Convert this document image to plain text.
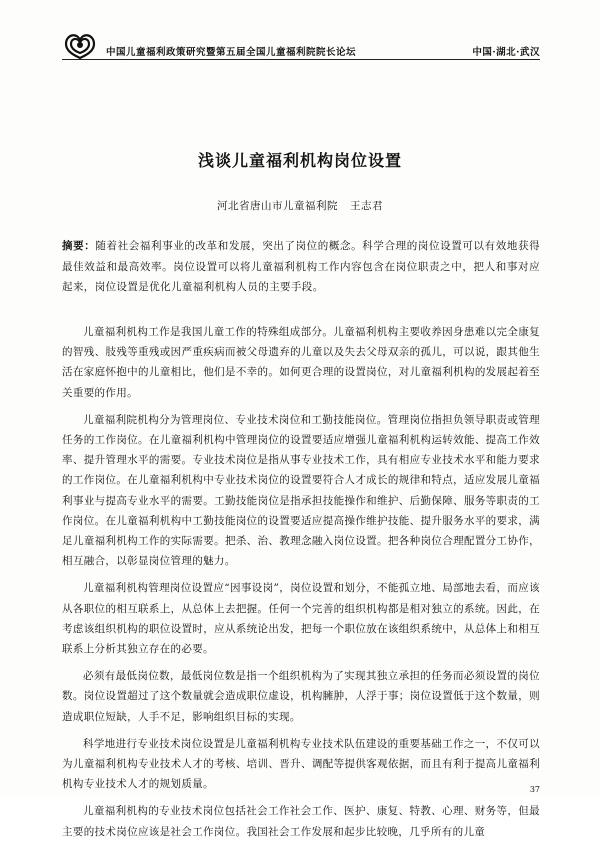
中国儿童福利政策研究暨第五届全国儿童福利院院长论坛	中国·湖北·武汉
浅谈儿童福利机构岗位设置
河北省唐山市儿童福利院 王志君
摘要：随着社会福利事业的改革和发展，突出了岗位的概念。科学合理的岗位设置可以有效地获得最佳效益和最高效率。岗位设置可以将儿童福利机构工作内容包含在岗位职责之中，把人和事对应起来，岗位设置是优化儿童福利机构人员的主要手段。

儿童福利机构工作是我国儿童工作的特殊组成部分。儿童福利机构主要收养因身患难以完全康复的智残、肢残等重残或因严重疾病而被父母遗弃的儿童以及失去父母双亲的孤儿，可以说，跟其他生活在家庭怀抱中的儿童相比，他们是不幸的。如何更合理的设置岗位，对儿童福利机构的发展起着至关重要的作用。

儿童福利院机构分为管理岗位、专业技术岗位和工勤技能岗位。管理岗位指担负领导职责或管理任务的工作岗位。在儿童福利机构中管理岗位的设置要适应增强儿童福利机构运转效能、提高工作效率、提升管理水平的需要。专业技术岗位是指从事专业技术工作，具有相应专业技术水平和能力要求的工作岗位。在儿童福利机构中专业技术岗位的设置要符合人才成长的规律和特点，适应发展儿童福利事业与提高专业水平的需要。工勤技能岗位是指承担技能操作和维护、后勤保障、服务等职责的工作岗位。在儿童福利机构中工勤技能岗位的设置要适应提高操作维护技能、提升服务水平的要求，满足儿童福利机构工作的实际需要。把杀、治、教理念融入岗位设置。把各种岗位合理配置分工协作，相互融合，以彰显岗位管理的魅力。

儿童福利机构管理岗位设置应“因事设岗”，岗位设置和划分，不能孤立地、局部地去看，而应该从各职位的相互联系上，从总体上去把握。任何一个完善的组织机构都是相对独立的系统。因此，在考虑该组织机构的职位设置时，应从系统论出发，把每一个职位放在该组织系统中，从总体上和相互联系上分析其独立存在的必要。

必须有最低岗位数，最低岗位数是指一个组织机构为了实现其独立承担的任务而必须设置的岗位数。岗位设置超过了这个数量就会造成职位虚设，机构臃肿，人浮于事；岗位设置低于这个数量，则造成职位短缺，人手不足，影响组织目标的实现。

科学地进行专业技术岗位设置是儿童福利机构专业技术队伍建设的重要基础工作之一，不仅可以为儿童福利机构专业技术人才的考核、培训、晋升、调配等提供客观依据，而且有利于提高儿童福利机构专业技术人才的规划质量。

儿童福利机构的专业技术岗位包括社会工作社会工作、医护、康复、特教、心理、财务等，但最主要的技术岗位应该是社会工作岗位。我国社会工作发展和起步比较晚，几乎所有的儿童

37
